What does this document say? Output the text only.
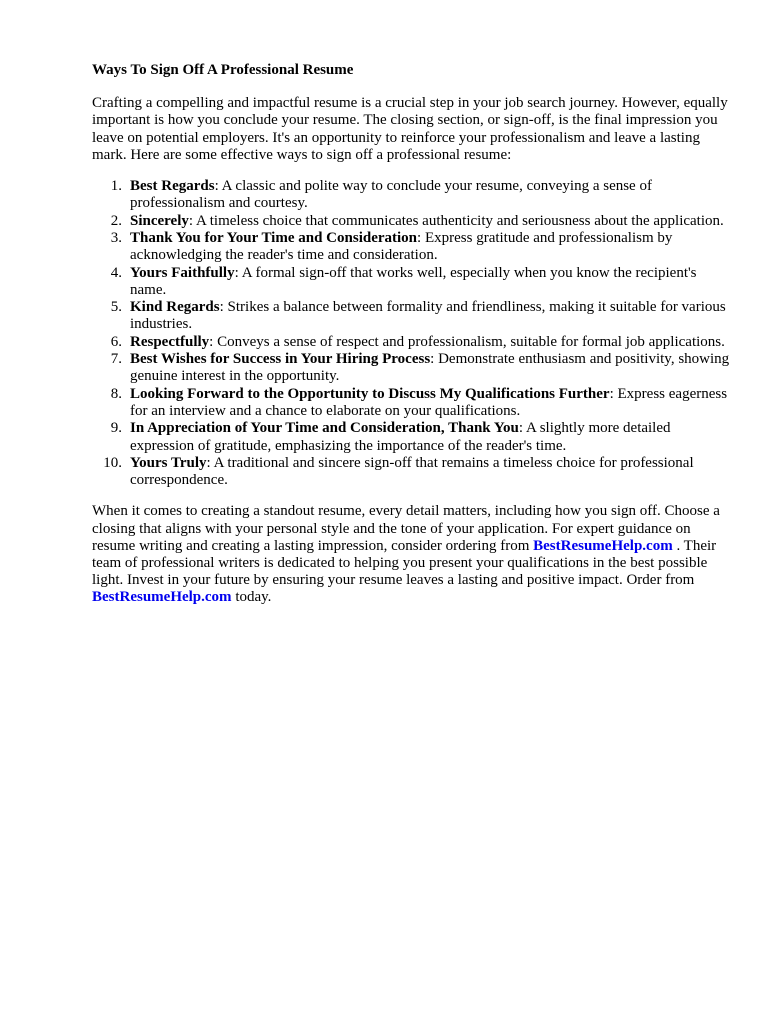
Ways To Sign Off A Professional Resume

Crafting a compelling and impactful resume is a crucial step in your job search journey. However, equally important is how you conclude your resume. The closing section, or sign-off, is the final impression you leave on potential employers. It's an opportunity to reinforce your professionalism and leave a lasting mark. Here are some effective ways to sign off a professional resume:

1. Best Regards: A classic and polite way to conclude your resume, conveying a sense of professionalism and courtesy.
2. Sincerely: A timeless choice that communicates authenticity and seriousness about the application.
3. Thank You for Your Time and Consideration: Express gratitude and professionalism by acknowledging the reader's time and consideration.
4. Yours Faithfully: A formal sign-off that works well, especially when you know the recipient's name.
5. Kind Regards: Strikes a balance between formality and friendliness, making it suitable for various industries.
6. Respectfully: Conveys a sense of respect and professionalism, suitable for formal job applications.
7. Best Wishes for Success in Your Hiring Process: Demonstrate enthusiasm and positivity, showing genuine interest in the opportunity.
8. Looking Forward to the Opportunity to Discuss My Qualifications Further: Express eagerness for an interview and a chance to elaborate on your qualifications.
9. In Appreciation of Your Time and Consideration, Thank You: A slightly more detailed expression of gratitude, emphasizing the importance of the reader's time.
10. Yours Truly: A traditional and sincere sign-off that remains a timeless choice for professional correspondence.

When it comes to creating a standout resume, every detail matters, including how you sign off. Choose a closing that aligns with your personal style and the tone of your application. For expert guidance on resume writing and creating a lasting impression, consider ordering from BestResumeHelp.com . Their team of professional writers is dedicated to helping you present your qualifications in the best possible light. Invest in your future by ensuring your resume leaves a lasting and positive impact. Order from BestResumeHelp.com today.
